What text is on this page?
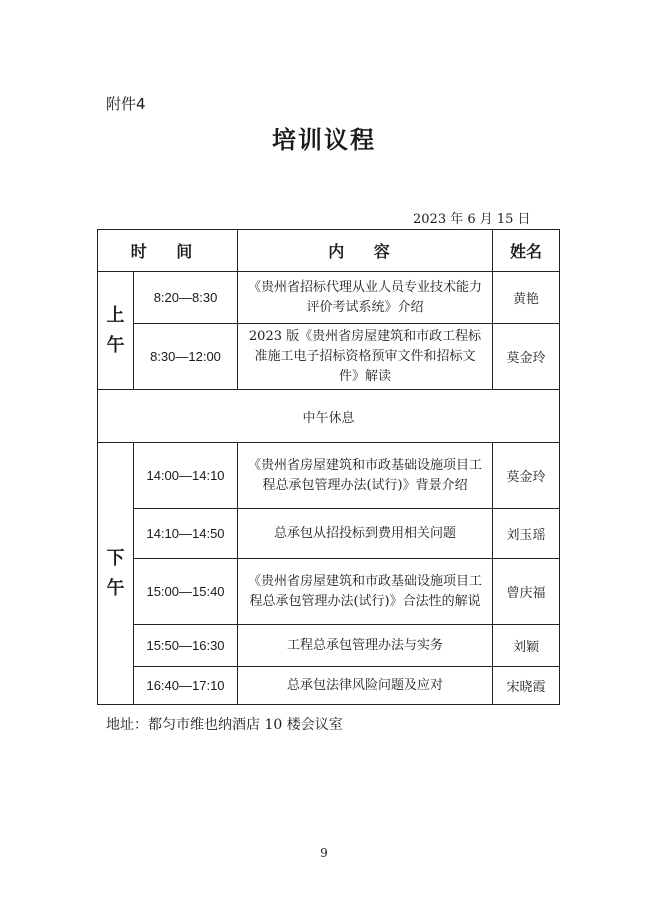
附件4
培训议程
2023 年 6 月 15 日
时 间		内 容	姓名

上
午	8:20—8:30	《贵州省招标代理从业人员专业技术能力评价考试系统》介绍	黄艳
	8:30—12:00	2023 版《贵州省房屋建筑和市政工程标准施工电子招标资格预审文件和招标文件》解读	莫金玲
中午休息			

下
午	14:00—14:10	《贵州省房屋建筑和市政基础设施项目工程总承包管理办法(试行)》背景介绍	莫金玲
	14:10—14:50	总承包从招投标到费用相关问题	刘玉瑶
	15:00—15:40	《贵州省房屋建筑和市政基础设施项目工程总承包管理办法(试行)》合法性的解说	曾庆福
	15:50—16:30	工程总承包管理办法与实务	刘颖
	16:40—17:10	总承包法律风险问题及应对	宋晓霞
地址：都匀市维也纳酒店 10 楼会议室
9
